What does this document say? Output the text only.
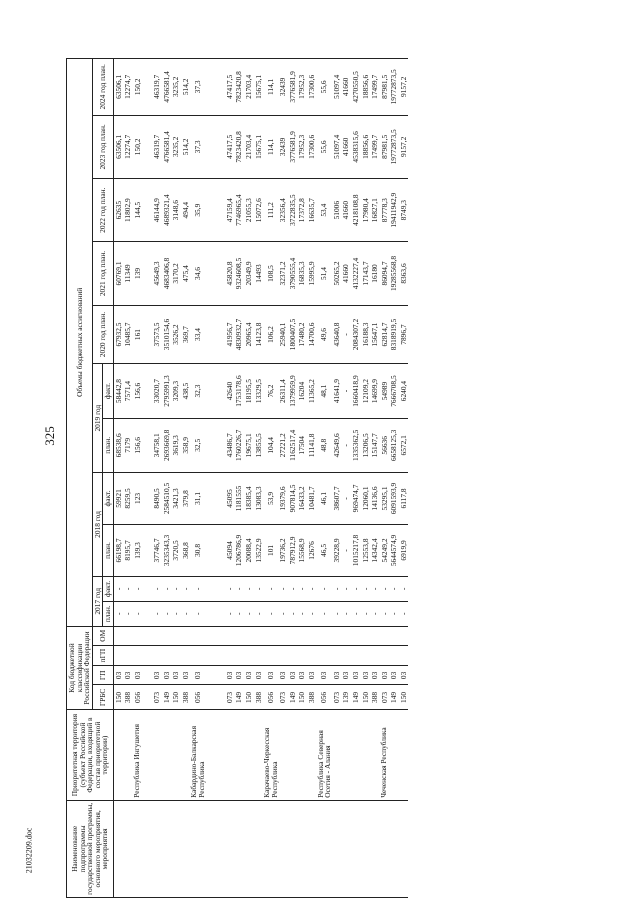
325
21032209.doc	Наименование подпрограммы государственной программы, основного мероприятия, мероприятия	Приоритетная территория (субъект Российской Федерации, входящий в состав приоритетной территории)	Код бюджетной классификации Российской Федерации				Объемы бюджетных ассигнований										
		ГРБС	ГП	пГП	ОМ	2017 год		2018 год		2019 год		2020 год план.	2021 год план.	2022 год план.	2023 год план.	2024 год план.
						план.	факт.	план.	факт.	план.	факт.					
		150	03			-	-	66198,7	59921	68538,6	58442,8	67932,5	60769,1	62635	63506,1	63506,1
		388	03			-	-	8195,7	8259,5	7179	7571,4	10485,7	11349	11802,9	12274,7	12274,7
	Республика Ингушетия	056	03			-	-	139,3	123	156,6	156,6	161	139	144,5	150,2	150,2

		073	03			-	-	37746,7	8490,5	34758,1	33020,7	37573,5	45649,3	46144,9	46319,7	46319,7
		149	03			-	-	3235343,3	2584510,5	2693669,8	2795991,3	3510154,6	4683406,8	4689321,4	4766581,4	4766581,4
		150	03			-	-	3720,5	3421,3	3619,3	3209,3	3526,2	3170,2	3148,6	3235,2	3235,2
		388	03			-	-	368,8	379,8	358,9	438,5	369,7	475,4	494,4	514,2	514,2
	Кабардино-Балкарская Республика	056	03			-	-	30,8	31,1	32,5	32,3	33,4	34,6	35,9	37,3	37,3

		073	03			-	-	45094	45095	43486,7	42640	41956,7	45820,8	47159,4	47417,5	47417,5
		149	03			-	-	1206786,9	1181555	1760226,7	1753178,6	4830932,7	9324608,5	7746965,4	7823420,8	7823420,8
		150	03			-	-	20088,4	18385,4	19675,1	18195,5	20965,4	20349,9	21055,3	21703,4	21703,4
		388	03			-	-	13522,9	13083,3	13855,5	13329,5	14123,8	14493	15072,6	15675,1	15675,1
	Карачаево-Черкесская Республика	056	03			-	-	101	53,9	104,4	76,2	106,2	108,5	111,2	114,1	114,1
		073	03			-	-	19736,2	19379,6	27221,2	26311,4	25940,1	32371,2	32356,4	32439	32439
		149	03			-	-	787912,9	907814,5	1162517,4	1379959,9	1800407,5	3790555,4	3722835,5	3776581,9	3776581,9
		150	03			-	-	15568,9	16433,2	17504	16204	17480,2	16835,3	17372,8	17952,3	17952,3
		388	03			-	-	12676	10481,7	11141,8	11365,2	14700,6	15995,9	16635,7	17300,6	17300,6
	Республика Северная Осетия - Алания	056	03			-	-	46,5	46,1	48,8	48,1	49,6	51,4	53,4	55,6	55,6
		073	03			-	-	39228,9	38607,7	42649,6	41641,9	43640,8	50265,2	51006	51097,4	51097,4
		139	03			-	-	-	-	-	-	-	41660	41660	41660	41660
		149	03			-	-	1015217,8	969474,7	1335362,5	1660418,9	2084307,2	4132227,4	4218108,8	4538315,6	4270550,5
		150	03			-	-	12553,8	12060,1	13206,5	12109,2	16188,3	17143,7	17980,4	18856,6	18856,6
		388	03			-	-	14342,4	14136,6	15147,7	14699,9	15647,1	16180	16827,1	17499,7	17499,7
	Чеченская Республика	073	03			-	-	54249,2	53295,1	56636	54989	62814,7	86094,7	87778,3	87981,5	87981,5
		149	03			-	-	5644574,9	6091593,9	6658125,3	7666708,5	8318919,5	19285568,8	19411942,9	19772873,5	19772873,5
		150	03			-	-	6919,9	6117,8	6572,1	6240,4	7896,7	8363,6	8749,3	9157,2	9157,2
